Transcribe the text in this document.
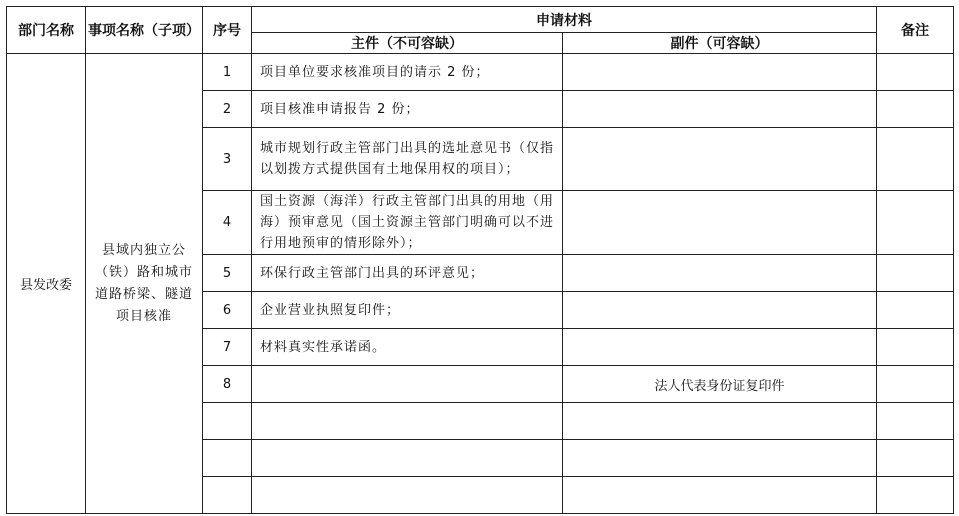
部门名称	事项名称（子项）	序号	申请材料		备注
			主件（不可容缺）	副件（可容缺）	
县发改委	县域内独立公（铁）路和城市道路桥梁、隧道项目核准	1	项目单位要求核准项目的请示 2 份；		
		2	项目核准申请报告 2 份；		
		3	城市规划行政主管部门出具的选址意见书（仅指以划拨方式提供国有土地保用权的项目）；		
		4	国土资源（海洋）行政主管部门出具的用地（用海）预审意见（国土资源主管部门明确可以不进行用地预审的情形除外）；		
		5	环保行政主管部门出具的环评意见；		
		6	企业营业执照复印件；		
		7	材料真实性承诺函。		
		8		法人代表身份证复印件	
